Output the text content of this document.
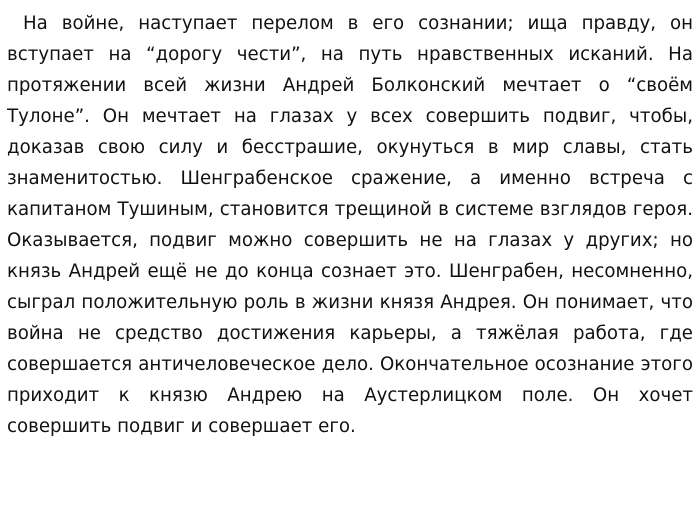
На войне, наступает перелом в его сознании; ища правду, он вступает на “дорогу чести”, на путь нравственных исканий. На протяжении всей жизни Андрей Болконский мечтает о “своём Тулоне”. Он мечтает на глазах у всех совершить подвиг, чтобы, доказав свою силу и бесстрашие, окунуться в мир славы, стать знаменитостью. Шенграбенское сражение, а именно встреча с капитаном Тушиным, становится трещиной в системе взглядов героя. Оказывается, подвиг можно совершить не на глазах у других; но князь Андрей ещё не до конца сознает это. Шенграбен, несомненно, сыграл положительную роль в жизни князя Андрея. Он понимает, что война не средство достижения карьеры, а тяжёлая работа, где совершается античеловеческое дело. Окончательное осознание этого приходит к князю Андрею на Аустерлицком поле. Он хочет совершить подвиг и совершает его.
